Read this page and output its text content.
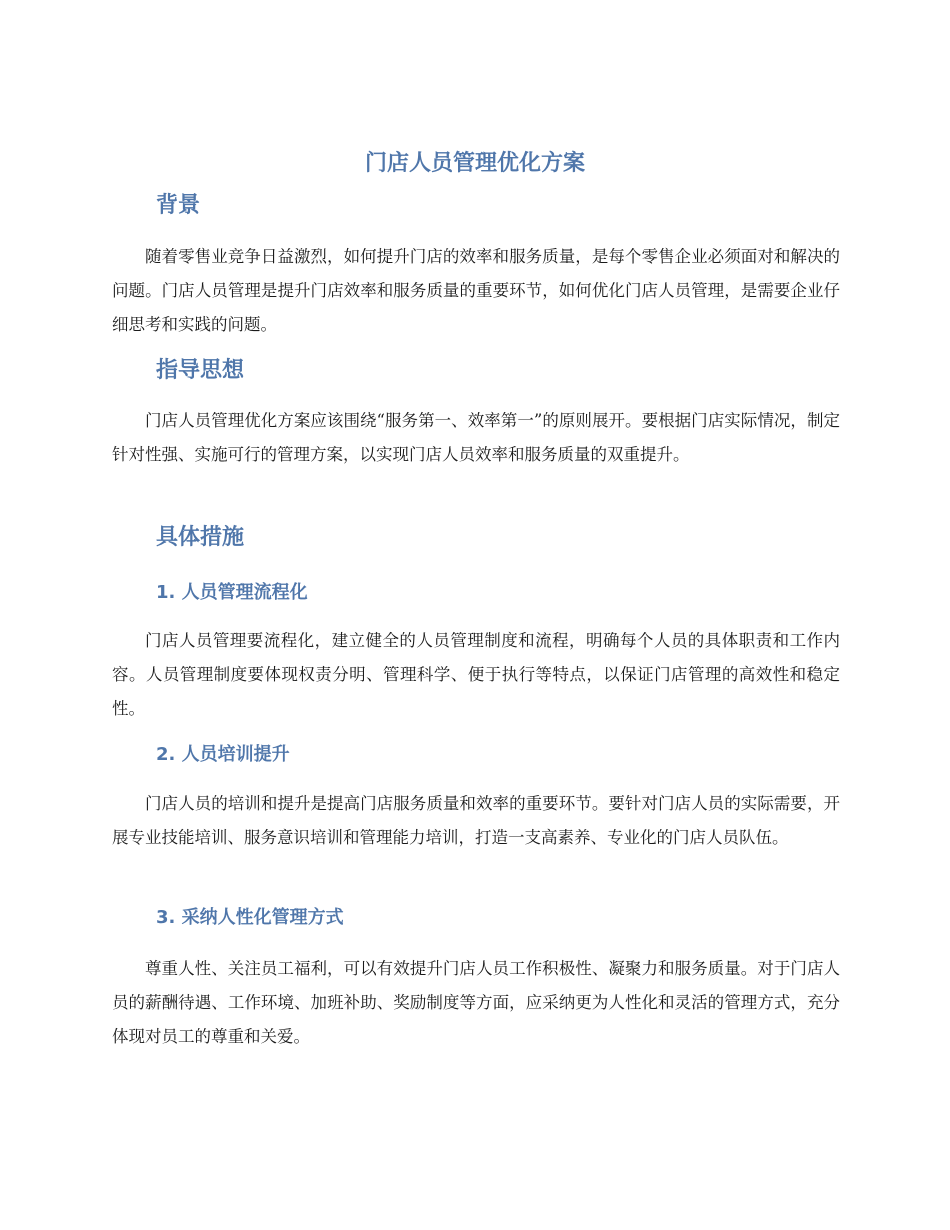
门店人员管理优化方案
背景

随着零售业竞争日益激烈，如何提升门店的效率和服务质量，是每个零售企业必须面对和解决的问题。门店人员管理是提升门店效率和服务质量的重要环节，如何优化门店人员管理，是需要企业仔细思考和实践的问题。

指导思想

门店人员管理优化方案应该围绕“服务第一、效率第一”的原则展开。要根据门店实际情况，制定针对性强、实施可行的管理方案，以实现门店人员效率和服务质量的双重提升。

具体措施
1. 人员管理流程化

门店人员管理要流程化，建立健全的人员管理制度和流程，明确每个人员的具体职责和工作内容。人员管理制度要体现权责分明、管理科学、便于执行等特点，以保证门店管理的高效性和稳定性。

2. 人员培训提升

门店人员的培训和提升是提高门店服务质量和效率的重要环节。要针对门店人员的实际需要，开展专业技能培训、服务意识培训和管理能力培训，打造一支高素养、专业化的门店人员队伍。

3. 采纳人性化管理方式

尊重人性、关注员工福利，可以有效提升门店人员工作积极性、凝聚力和服务质量。对于门店人员的薪酬待遇、工作环境、加班补助、奖励制度等方面，应采纳更为人性化和灵活的管理方式，充分体现对员工的尊重和关爱。
